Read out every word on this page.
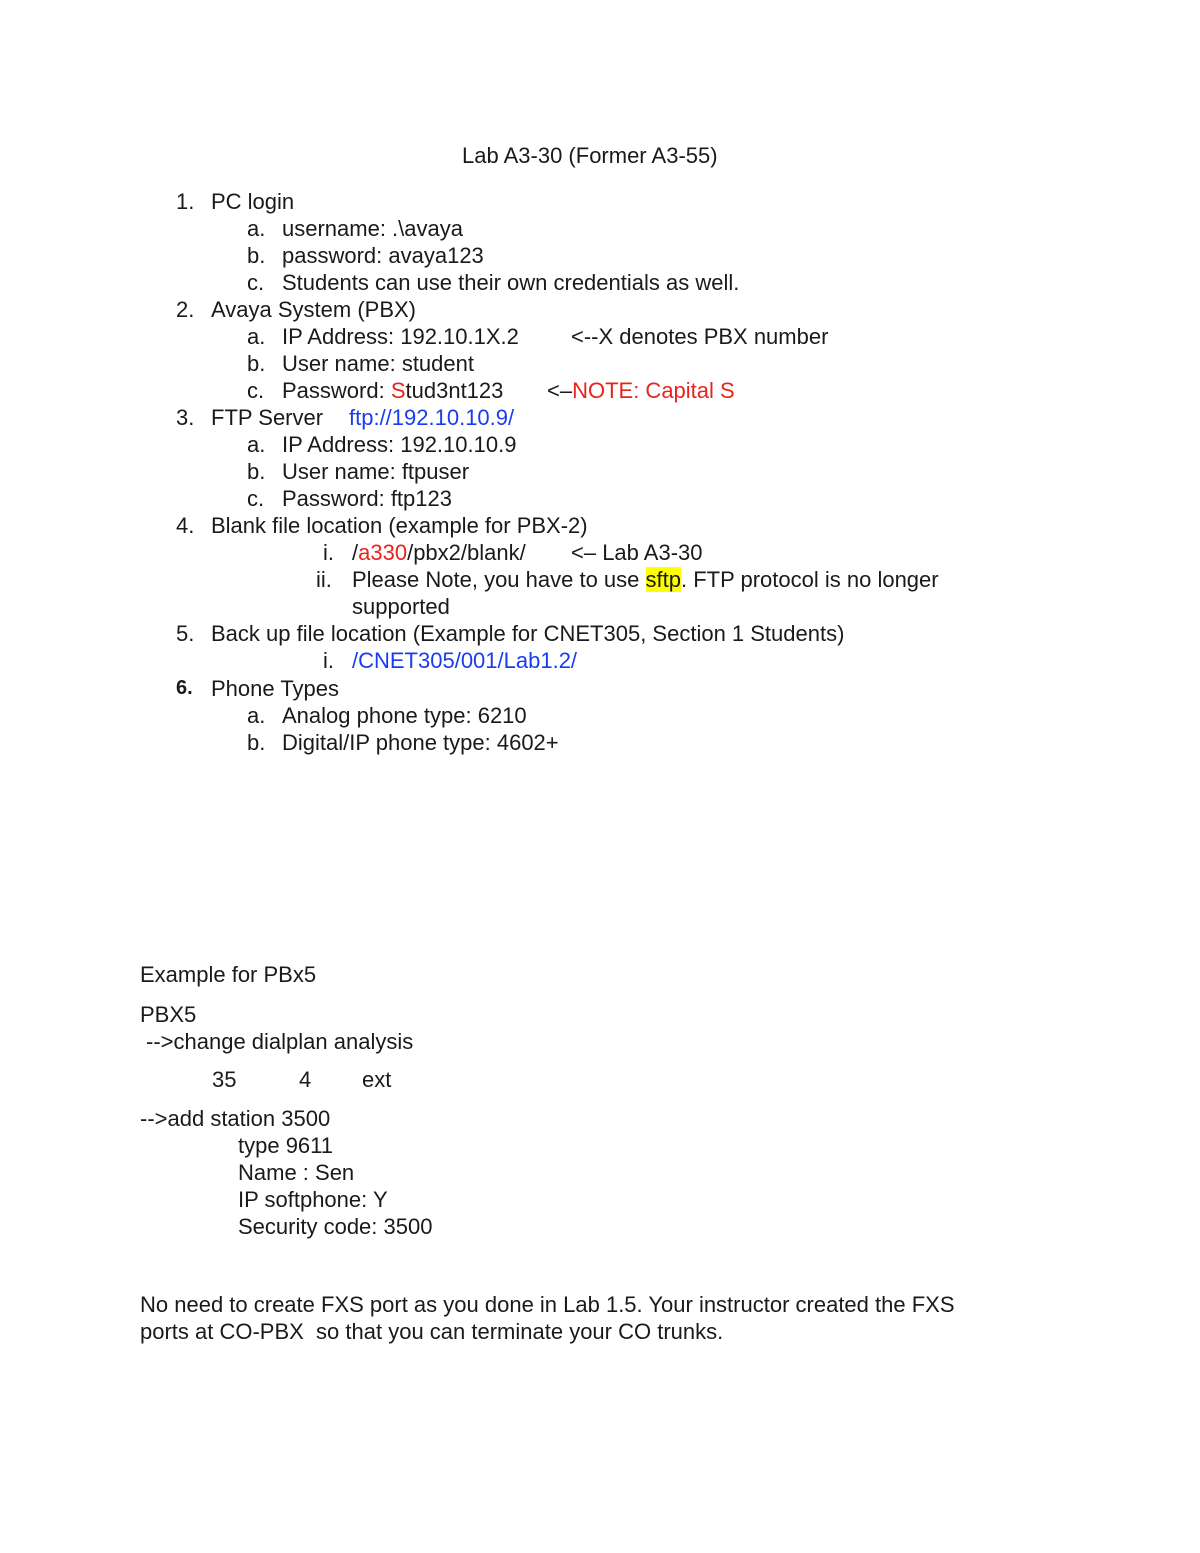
Lab A3-30 (Former A3-55)
1. PC login
a. username: .\avaya
b. password: avaya123
c. Students can use their own credentials as well.
2. Avaya System (PBX)
a. IP Address: 192.10.1X.2 <--X denotes PBX number
b. User name: student
c. Password: Stud3nt123 <–NOTE: Capital S
3. FTP Server ftp://192.10.10.9/
a. IP Address: 192.10.10.9
b. User name: ftpuser
c. Password: ftp123
4. Blank file location (example for PBX-2)
i. /a330/pbx2/blank/ <– Lab A3-30
ii. Please Note, you have to use sftp. FTP protocol is no longer
supported
5. Back up file location (Example for CNET305, Section 1 Students)
i. /CNET305/001/Lab1.2/
6. Phone Types
a. Analog phone type: 6210
b. Digital/IP phone type: 4602+
Example for PBx5
PBX5
-->change dialplan analysis
35	4 ext
-->add station 3500
type 9611
Name : Sen
IP softphone: Y
Security code: 3500
No need to create FXS port as you done in Lab 1.5. Your instructor created the FXS
ports at CO-PBX  so that you can terminate your CO trunks.
